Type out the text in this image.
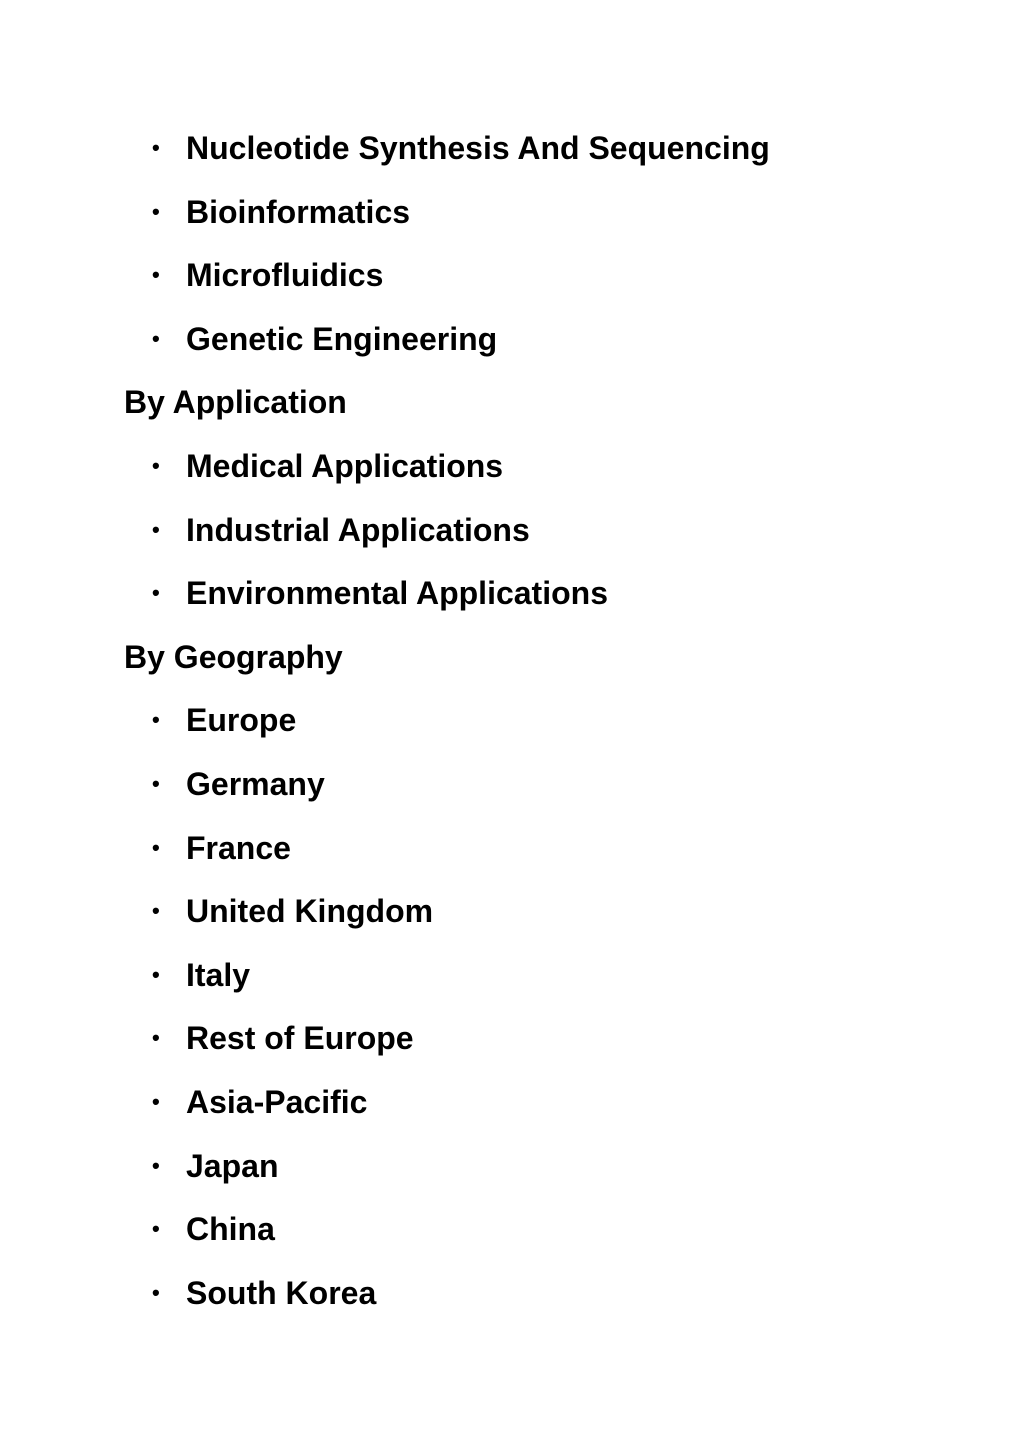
• Nucleotide Synthesis And Sequencing
• Bioinformatics
• Microfluidics
• Genetic Engineering
By Application
• Medical Applications
• Industrial Applications
• Environmental Applications
By Geography
• Europe
• Germany
• France
• United Kingdom
• Italy
• Rest of Europe
• Asia-Pacific
• Japan
• China
• South Korea
